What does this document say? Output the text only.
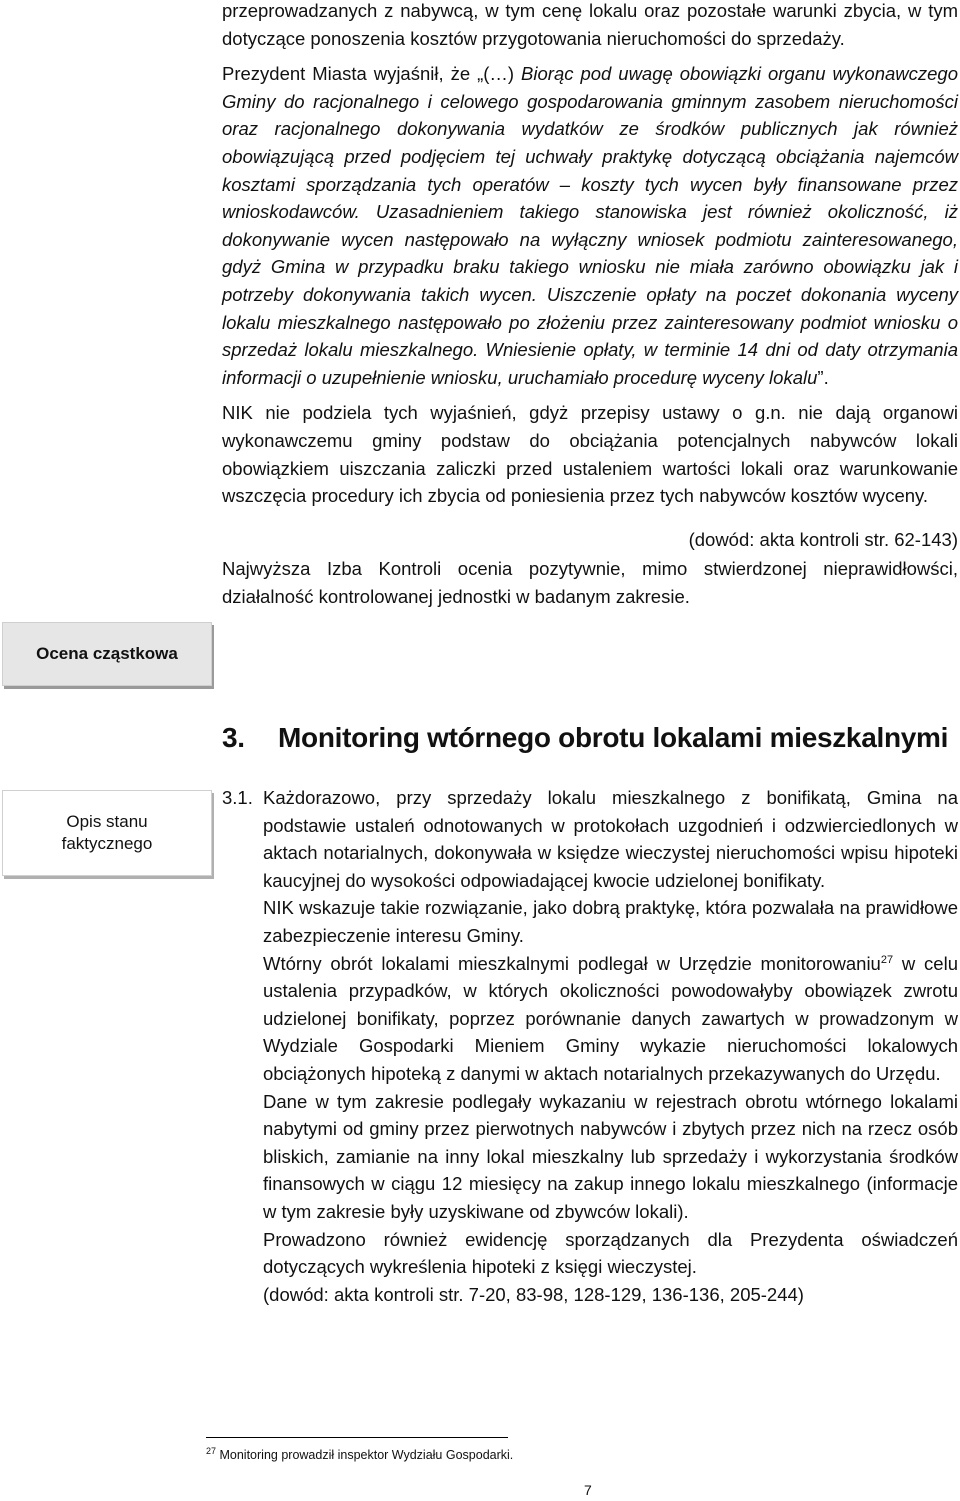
Ocena cząstkowa
Opis stanu
faktycznego

przeprowadzanych z nabywcą, w tym cenę lokalu oraz pozostałe warunki zbycia, w tym dotyczące ponoszenia kosztów przygotowania nieruchomości do sprzedaży.

Prezydent Miasta wyjaśnił, że „(…) Biorąc pod uwagę obowiązki organu wykonawczego Gminy do racjonalnego i celowego gospodarowania gminnym zasobem nieruchomości oraz racjonalnego dokonywania wydatków ze środków publicznych jak również obowiązującą przed podjęciem tej uchwały praktykę dotyczącą obciążania najemców kosztami sporządzania tych operatów – koszty tych wycen były finansowane przez wnioskodawców. Uzasadnieniem takiego stanowiska jest również okoliczność, iż dokonywanie wycen następowało na wyłączny wniosek podmiotu zainteresowanego, gdyż Gmina w przypadku braku takiego wniosku nie miała zarówno obowiązku jak i potrzeby dokonywania takich wycen. Uiszczenie opłaty na poczet dokonania wyceny lokalu mieszkalnego następowało po złożeniu przez zainteresowany podmiot wniosku o sprzedaż lokalu mieszkalnego. Wniesienie opłaty, w terminie 14 dni od daty otrzymania informacji o uzupełnienie wniosku, uruchamiało procedurę wyceny lokalu”.

NIK nie podziela tych wyjaśnień, gdyż przepisy ustawy o g.n. nie dają organowi wykonawczemu gminy podstaw do obciążania potencjalnych nabywców lokali obowiązkiem uiszczania zaliczki przed ustaleniem wartości lokali oraz warunkowanie wszczęcia procedury ich zbycia od poniesienia przez tych nabywców kosztów wyceny.

(dowód: akta kontroli str. 62-143)

Najwyższa Izba Kontroli ocenia pozytywnie, mimo stwierdzonej nieprawidłowści, działalność kontrolowanej jednostki w badanym zakresie.

3. Monitoring wtórnego obrotu lokalami mieszkalnymi
3.1. Każdorazowo, przy sprzedaży lokalu mieszkalnego z bonifikatą, Gmina na podstawie ustaleń odnotowanych w protokołach uzgodnień i odzwierciedlonych w aktach notarialnych, dokonywała w księdze wieczystej nieruchomości wpisu hipoteki kaucyjnej do wysokości odpowiadającej kwocie udzielonej bonifikaty.

NIK wskazuje takie rozwiązanie, jako dobrą praktykę, która pozwalała na prawidłowe zabezpieczenie interesu Gminy.

Wtórny obrót lokalami mieszkalnymi podlegał w Urzędzie monitorowaniu$^{27}$ w celu ustalenia przypadków, w których okoliczności powodowałyby obowiązek zwrotu udzielonej bonifikaty, poprzez porównanie danych zawartych w prowadzonym w Wydziale Gospodarki Mieniem Gminy wykazie nieruchomości lokalowych obciążonych hipoteką z danymi w aktach notarialnych przekazywanych do Urzędu.

Dane w tym zakresie podlegały wykazaniu w rejestrach obrotu wtórnego lokalami nabytymi od gminy przez pierwotnych nabywców i zbytych przez nich na rzecz osób bliskich, zamianie na inny lokal mieszkalny lub sprzedaży i wykorzystania środków finansowych w ciągu 12 miesięcy na zakup innego lokalu mieszkalnego (informacje w tym zakresie były uzyskiwane od zbywców lokali).

Prowadzono również ewidencję sporządzanych dla Prezydenta oświadczeń dotyczących wykreślenia hipoteki z księgi wieczystej.

(dowód: akta kontroli str. 7-20, 83-98, 128-129, 136-136, 205-244)

$^{27}$ Monitoring prowadził inspektor Wydziału Gospodarki.
7
